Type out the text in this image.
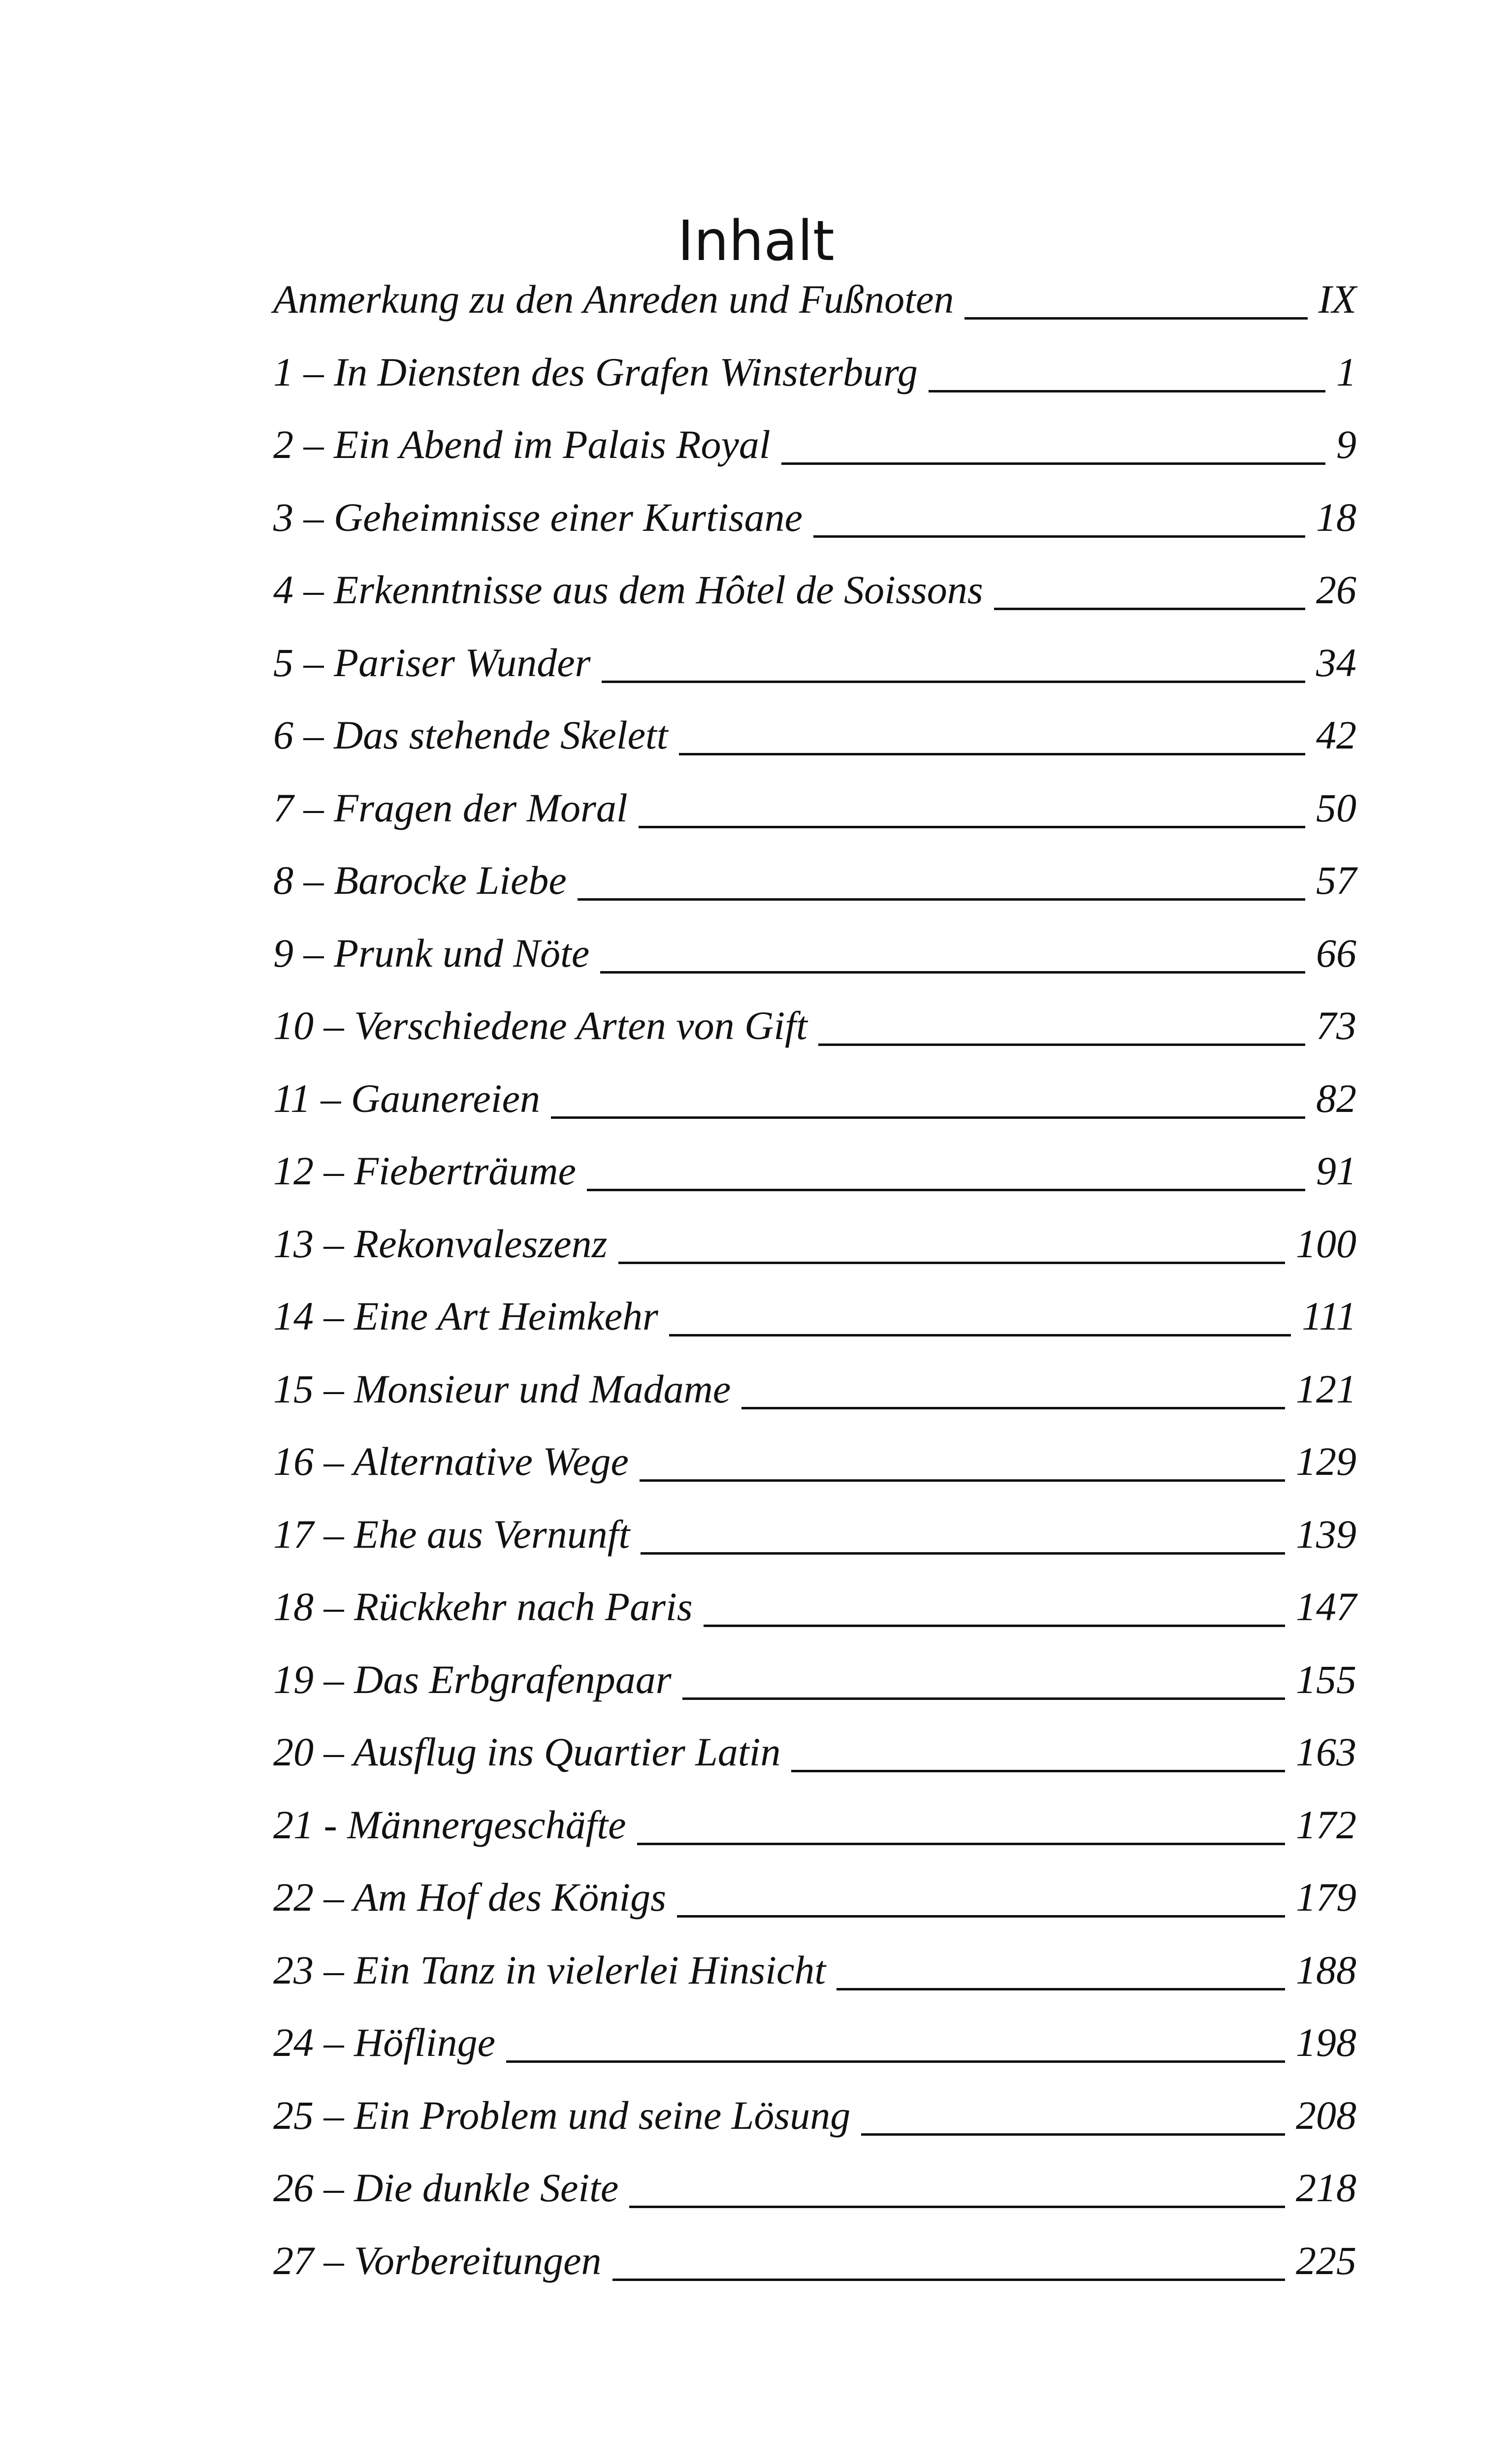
Inhalt
Anmerkung zu den Anreden und Fußnoten	IX
1 – In Diensten des Grafen Winsterburg	1
2 – Ein Abend im Palais Royal	9
3 – Geheimnisse einer Kurtisane	18
4 – Erkenntnisse aus dem Hôtel de Soissons	26
5 – Pariser Wunder	34
6 – Das stehende Skelett	42
7 – Fragen der Moral	50
8 – Barocke Liebe	57
9 – Prunk und Nöte	66
10 – Verschiedene Arten von Gift	73
11 – Gaunereien	82
12 – Fieberträume	91
13 – Rekonvaleszenz	100
14 – Eine Art Heimkehr	111
15 – Monsieur und Madame	121
16 – Alternative Wege	129
17 – Ehe aus Vernunft	139
18 – Rückkehr nach Paris	147
19 – Das Erbgrafenpaar	155
20 – Ausflug ins Quartier Latin	163
21 - Männergeschäfte	172
22 – Am Hof des Königs	179
23 – Ein Tanz in vielerlei Hinsicht	188
24 – Höflinge	198
25 – Ein Problem und seine Lösung	208
26 – Die dunkle Seite	218
27 – Vorbereitungen	225
